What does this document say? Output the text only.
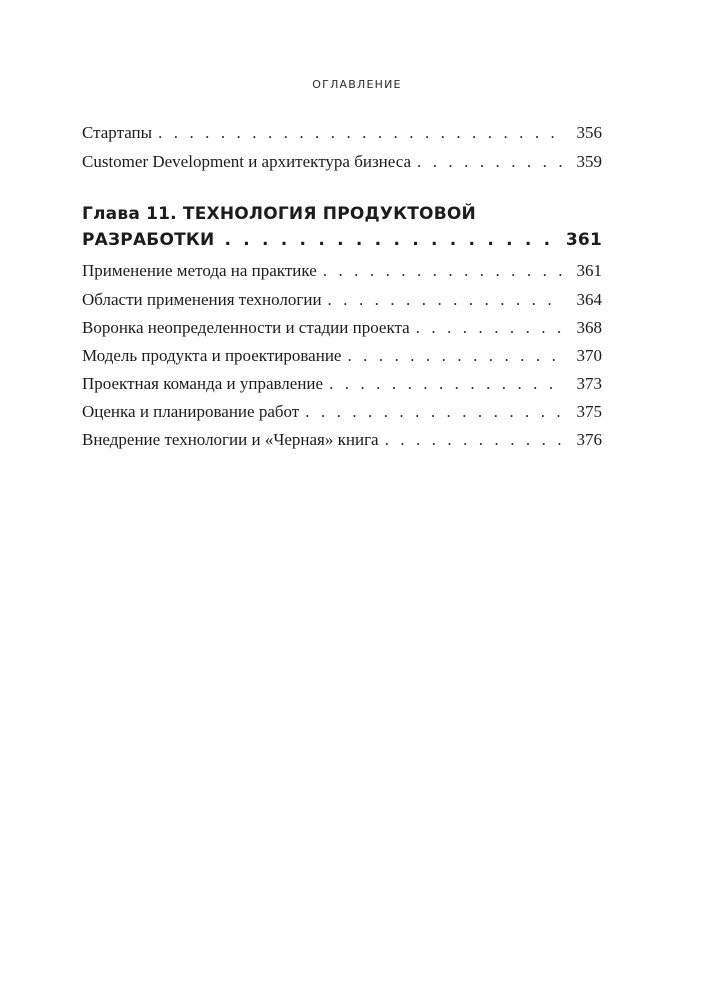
ОГЛАВЛЕНИЕ
Стартапы . . .	356
Customer Development и архитектура бизнеса . . .	359
Глава 11. ТЕХНОЛОГИЯ ПРОДУКТОВОЙ
РАЗРАБОТКИ . . .	361
Применение метода на практике . . .	361
Области применения технологии . . .	364
Воронка неопределенности и стадии проекта . . .	368
Модель продукта и проектирование . . .	370
Проектная команда и управление . . .	373
Оценка и планирование работ . . .	375
Внедрение технологии и «Черная» книга . . .	376
